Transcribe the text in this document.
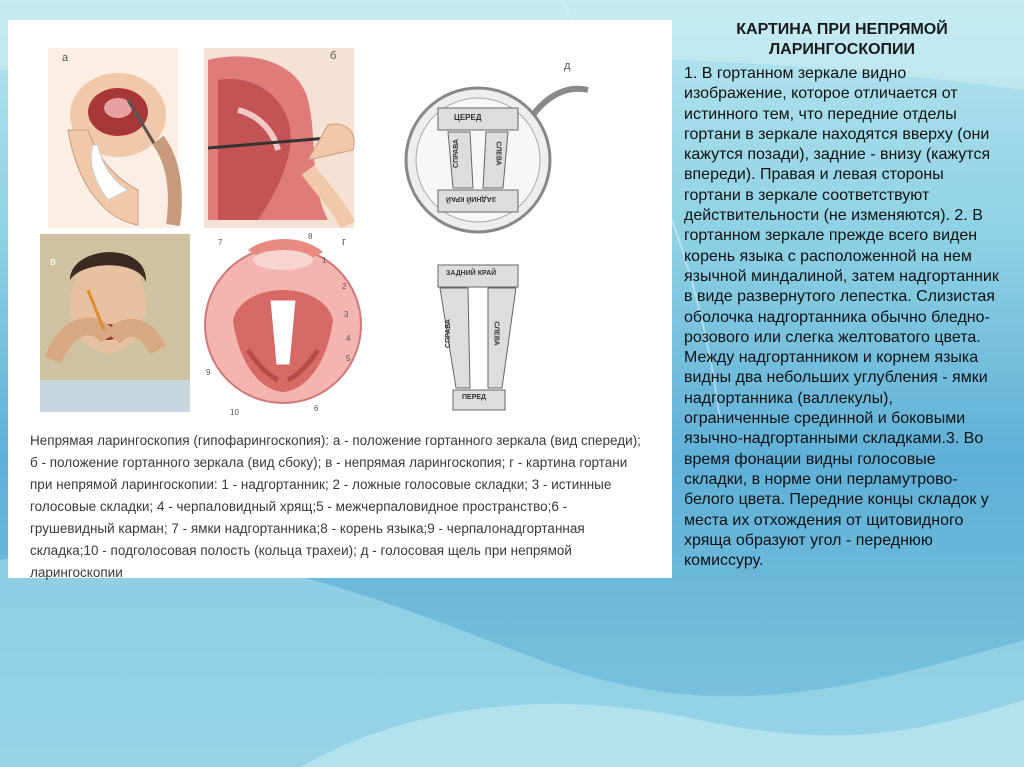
а	б
в
г
д
7
8
1
2
3
4
5
6
9
10
ЦЕРЕД
СПРАВА	СЛЕВА
ЗАДНИЙ КРАЙ
ЗАДНИЙ КРАЙ
СПРАВА	СЛЕВА
ПЕРЕД
Непрямая ларингоскопия (гипофарингоскопия): а - положение гортанного зеркала (вид спереди); б - положение гортанного зеркала (вид сбоку); в - непрямая ларингоскопия; г - картина гортани при непрямой ларингоскопии: 1 - надгортанник; 2 - ложные голосовые складки; 3 - истинные голосовые складки; 4 - черпаловидный хрящ;5 - межчерпаловидное пространство;6 - грушевидный карман; 7 - ямки надгортанника;8 - корень языка;9 - черпалонадгортанная складка;10 - подголосовая полость (кольца трахеи); д - голосовая щель при непрямой ларингоскопии
КАРТИНА ПРИ НЕПРЯМОЙ
ЛАРИНГОСКОПИИ
1. В гортанном зеркале видно изображение, которое отличается от истинного тем, что передние отделы гортани в зеркале находятся вверху (они кажутся позади), задние - внизу (кажутся впереди). Правая и левая стороны гортани в зеркале соответствуют действительности (не изменяются). 2. В гортанном зеркале прежде всего виден корень языка с расположенной на нем язычной миндалиной, затем надгортанник в виде развернутого лепестка. Слизистая оболочка надгортанника обычно бледно-розового или слегка желтоватого цвета. Между надгортанником и корнем языка видны два небольших углубления - ямки надгортанника (валлекулы), ограниченные срединной и боковыми язычно-надгортанными складками.3. Во время фонации видны голосовые складки, в норме они перламутрово-белого цвета. Передние концы складок у места их отхождения от щитовидного хряща образуют угол - переднюю комиссуру.
